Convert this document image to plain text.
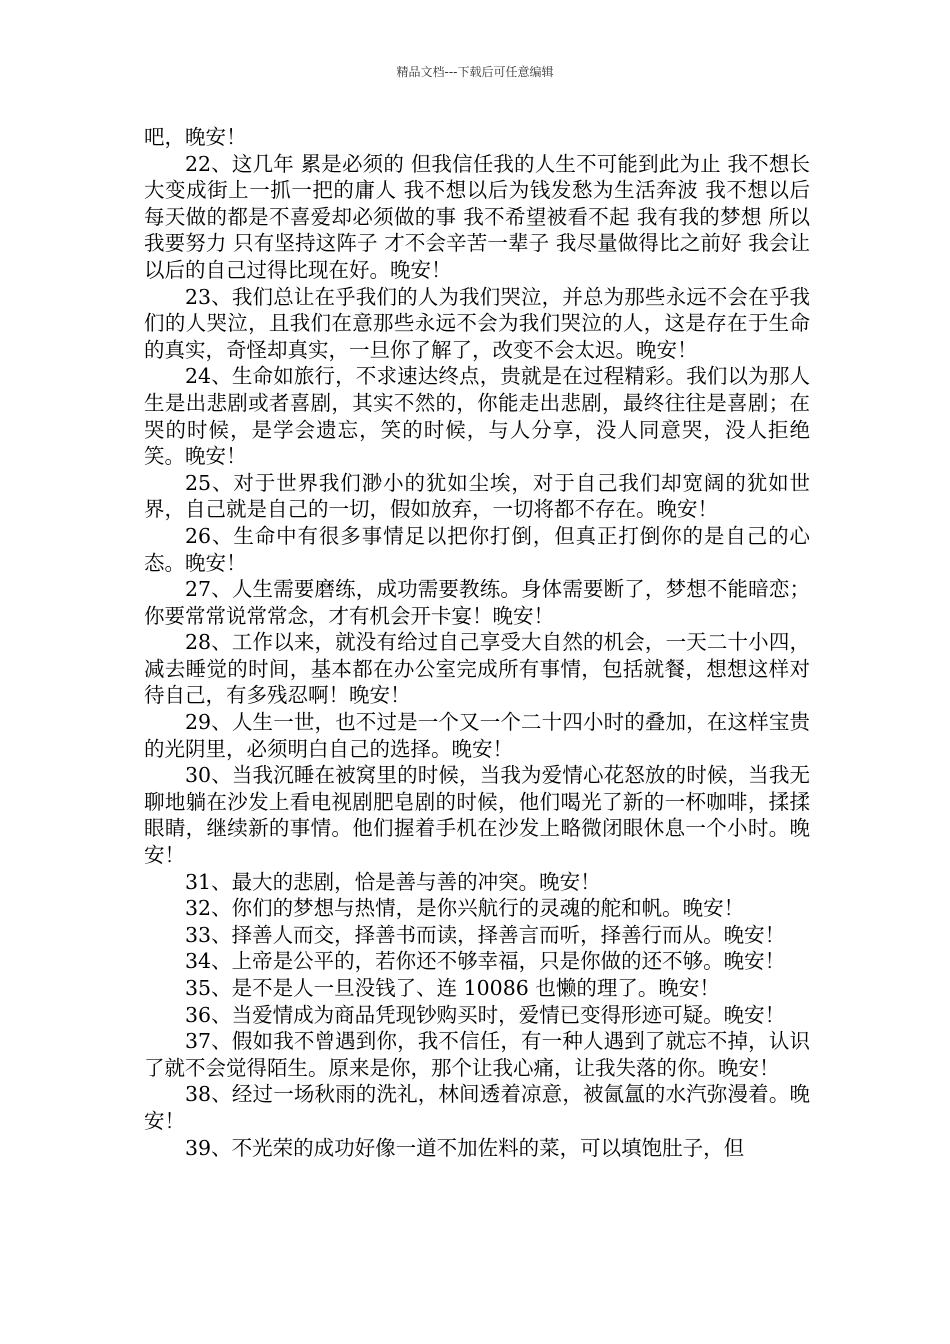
精品文档---下载后可任意编辑

吧，晚安！

22、这几年 累是必须的 但我信任我的人生不可能到此为止 我不想长大变成街上一抓一把的庸人 我不想以后为钱发愁为生活奔波 我不想以后每天做的都是不喜爱却必须做的事 我不希望被看不起 我有我的梦想 所以我要努力 只有坚持这阵子 才不会辛苦一辈子 我尽量做得比之前好 我会让以后的自己过得比现在好。晚安！

23、我们总让在乎我们的人为我们哭泣，并总为那些永远不会在乎我们的人哭泣，且我们在意那些永远不会为我们哭泣的人，这是存在于生命的真实，奇怪却真实，一旦你了解了，改变不会太迟。晚安！

24、生命如旅行，不求速达终点，贵就是在过程精彩。我们以为那人生是出悲剧或者喜剧，其实不然的，你能走出悲剧，最终往往是喜剧；在哭的时候，是学会遗忘，笑的时候，与人分享，没人同意哭，没人拒绝笑。晚安！

25、对于世界我们渺小的犹如尘埃，对于自己我们却宽阔的犹如世界，自己就是自己的一切，假如放弃，一切将都不存在。晚安！

26、生命中有很多事情足以把你打倒，但真正打倒你的是自己的心态。晚安！

27、人生需要磨练，成功需要教练。身体需要断了，梦想不能暗恋；你要常常说常常念，才有机会开卡宴！晚安！

28、工作以来，就没有给过自己享受大自然的机会，一天二十小四，减去睡觉的时间，基本都在办公室完成所有事情，包括就餐，想想这样对待自己，有多残忍啊！晚安！

29、人生一世，也不过是一个又一个二十四小时的叠加，在这样宝贵的光阴里，必须明白自己的选择。晚安！

30、当我沉睡在被窝里的时候，当我为爱情心花怒放的时候，当我无聊地躺在沙发上看电视剧肥皂剧的时候，他们喝光了新的一杯咖啡，揉揉眼睛，继续新的事情。他们握着手机在沙发上略微闭眼休息一个小时。晚安！

31、最大的悲剧，恰是善与善的冲突。晚安！

32、你们的梦想与热情，是你兴航行的灵魂的舵和帆。晚安！

33、择善人而交，择善书而读，择善言而听，择善行而从。晚安！

34、上帝是公平的，若你还不够幸福，只是你做的还不够。晚安！

35、是不是人一旦没钱了、连 10086 也懒的理了。晚安！

36、当爱情成为商品凭现钞购买时，爱情已变得形迹可疑。晚安！

37、假如我不曾遇到你，我不信任，有一种人遇到了就忘不掉，认识了就不会觉得陌生。原来是你，那个让我心痛，让我失落的你。晚安！

38、经过一场秋雨的洗礼，林间透着凉意，被氤氲的水汽弥漫着。晚安！

39、不光荣的成功好像一道不加佐料的菜，可以填饱肚子，但
